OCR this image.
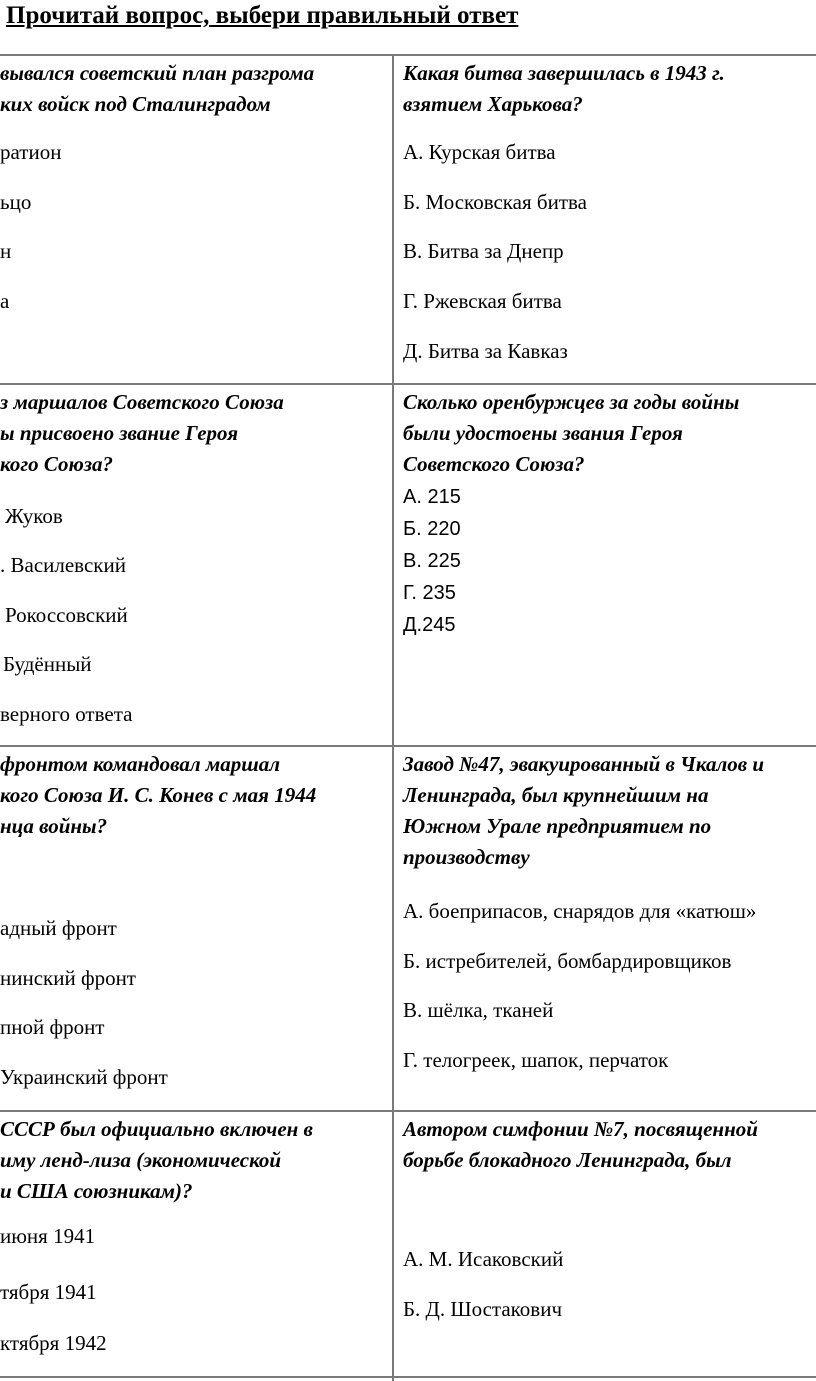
Прочитай вопрос, выбери правильный ответ
вывался советский план разгрома
ких войск под Сталинградом
ратион
ьцо
н
а
Какая битва завершилась в 1943 г.
взятием Харькова?
А. Курская битва
Б. Московская битва
В. Битва за Днепр
Г. Ржевская битва
Д. Битва за Кавказ
з маршалов Советского Союза
ы присвоено звание Героя
кого Союза?
Жуков
. Василевский
Рокоссовский
Будённый
верного ответа
Сколько оренбуржцев за годы войны
были удостоены звания Героя
Советского Союза?
А. 215
Б. 220
В. 225
Г. 235
Д.245
фронтом командовал маршал
кого Союза И. С. Конев с мая 1944
нца войны?
адный фронт
нинский фронт
пной фронт
Украинский фронт
Завод №47, эвакуированный в Чкалов и
Ленинграда, был крупнейшим на
Южном Урале предприятием по
производству
А. боеприпасов, снарядов для «катюш»
Б. истребителей, бомбардировщиков
В. шёлка, тканей
Г. телогреек, шапок, перчаток
СССР был официально включен в
иму ленд-лиза (экономической
и США союзникам)?
июня 1941
тября 1941
ктября 1942
Автором симфонии №7, посвященной
борьбе блокадного Ленинграда, был
А. М. Исаковский
Б. Д. Шостакович
